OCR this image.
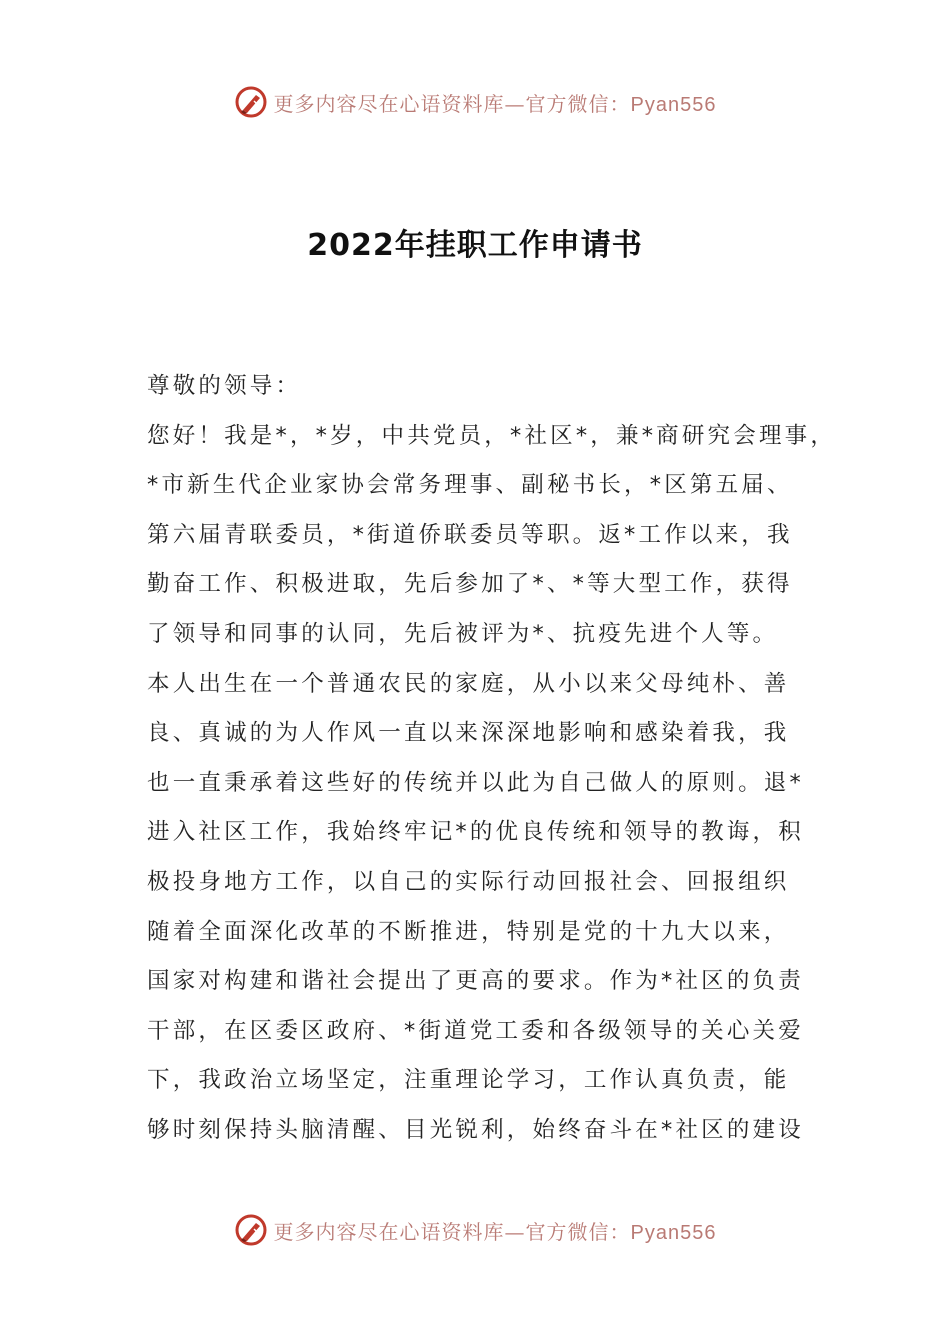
更多内容尽在心语资料库—官方微信：Pyan556
2022年挂职工作申请书
尊敬的领导：
您好！我是*，*岁，中共党员，*社区*，兼*商研究会理事，
*市新生代企业家协会常务理事、副秘书长，*区第五届、
第六届青联委员，*街道侨联委员等职。返*工作以来，我
勤奋工作、积极进取，先后参加了*、*等大型工作，获得
了领导和同事的认同，先后被评为*、抗疫先进个人等。
本人出生在一个普通农民的家庭，从小以来父母纯朴、善
良、真诚的为人作风一直以来深深地影响和感染着我，我
也一直秉承着这些好的传统并以此为自己做人的原则。退*
进入社区工作，我始终牢记*的优良传统和领导的教诲，积
极投身地方工作，以自己的实际行动回报社会、回报组织
随着全面深化改革的不断推进，特别是党的十九大以来，
国家对构建和谐社会提出了更高的要求。作为*社区的负责
干部，在区委区政府、*街道党工委和各级领导的关心关爱
下，我政治立场坚定，注重理论学习，工作认真负责，能
够时刻保持头脑清醒、目光锐利，始终奋斗在*社区的建设
更多内容尽在心语资料库—官方微信：Pyan556
